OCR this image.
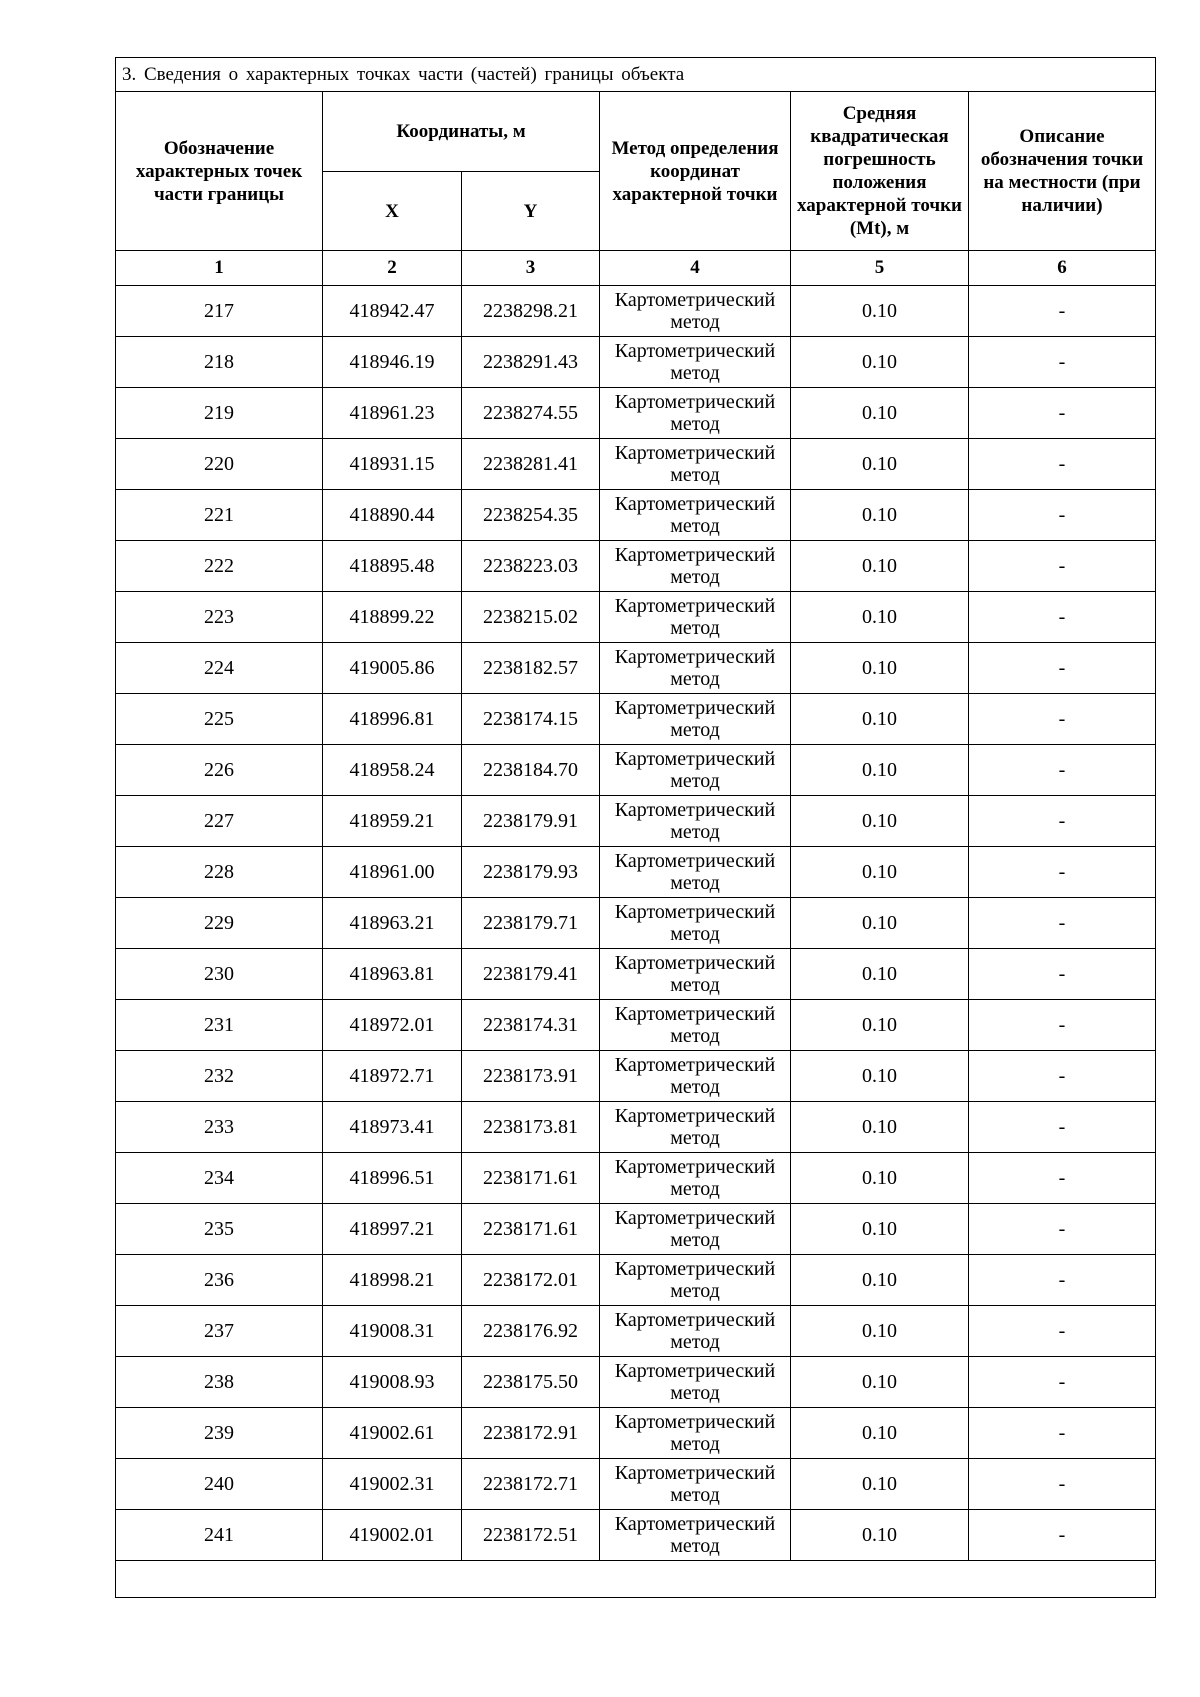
3. Сведения о характерных точках части (частей) границы объекта					
Обозначение характерных точек части границы	Координаты, м		Метод определения координат характерной точки	Средняя квадратическая погрешность положения характерной точки (Mt), м	Описание обозначения точки на местности (при наличии)
	X	Y			
1	2	3	4	5	6
217	418942.47	2238298.21	Картометрический метод	0.10	-
218	418946.19	2238291.43	Картометрический метод	0.10	-
219	418961.23	2238274.55	Картометрический метод	0.10	-
220	418931.15	2238281.41	Картометрический метод	0.10	-
221	418890.44	2238254.35	Картометрический метод	0.10	-
222	418895.48	2238223.03	Картометрический метод	0.10	-
223	418899.22	2238215.02	Картометрический метод	0.10	-
224	419005.86	2238182.57	Картометрический метод	0.10	-
225	418996.81	2238174.15	Картометрический метод	0.10	-
226	418958.24	2238184.70	Картометрический метод	0.10	-
227	418959.21	2238179.91	Картометрический метод	0.10	-
228	418961.00	2238179.93	Картометрический метод	0.10	-
229	418963.21	2238179.71	Картометрический метод	0.10	-
230	418963.81	2238179.41	Картометрический метод	0.10	-
231	418972.01	2238174.31	Картометрический метод	0.10	-
232	418972.71	2238173.91	Картометрический метод	0.10	-
233	418973.41	2238173.81	Картометрический метод	0.10	-
234	418996.51	2238171.61	Картометрический метод	0.10	-
235	418997.21	2238171.61	Картометрический метод	0.10	-
236	418998.21	2238172.01	Картометрический метод	0.10	-
237	419008.31	2238176.92	Картометрический метод	0.10	-
238	419008.93	2238175.50	Картометрический метод	0.10	-
239	419002.61	2238172.91	Картометрический метод	0.10	-
240	419002.31	2238172.71	Картометрический метод	0.10	-
241	419002.01	2238172.51	Картометрический метод	0.10	-
